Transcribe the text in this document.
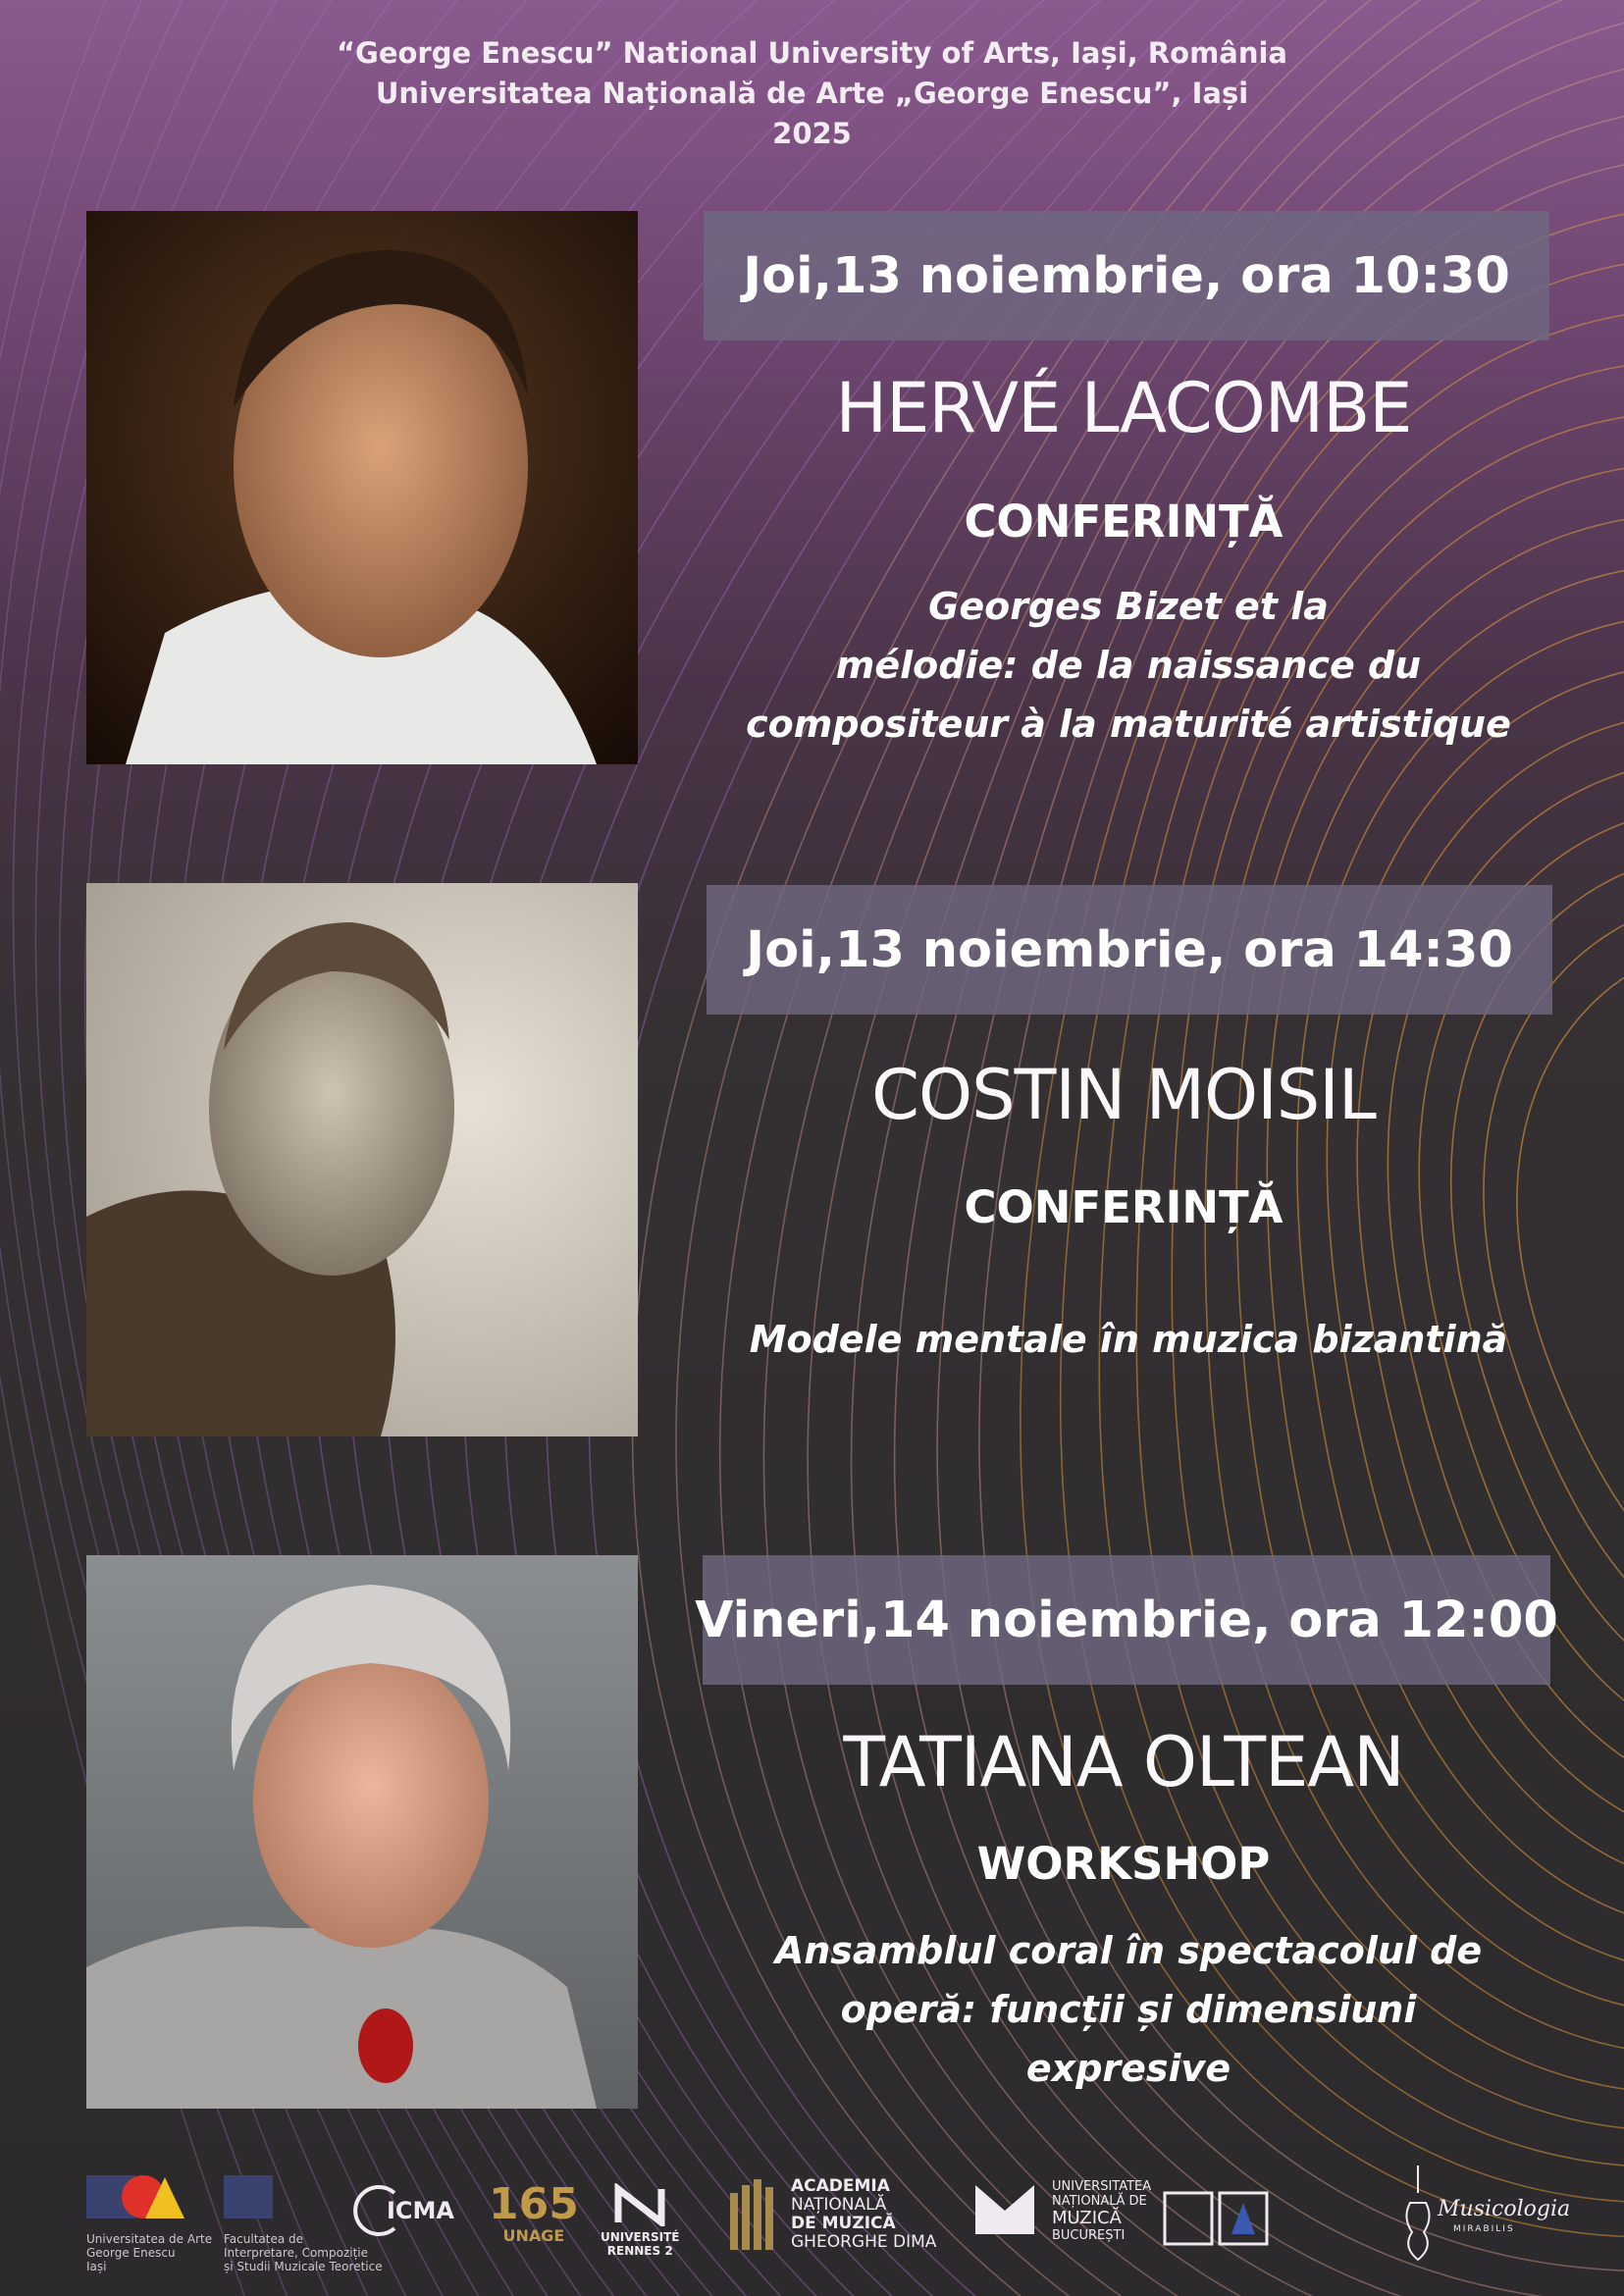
“George Enescu” National University of Arts, Iași, România
Universitatea Națională de Arte „George Enescu”, Iași
2025
Joi,13 noiembrie, ora 10:30
HERVÉ LACOMBE
CONFERINȚĂ
Georges Bizet et la
mélodie: de la naissance du
compositeur à la maturité artistique
Joi,13 noiembrie, ora 14:30
COSTIN MOISIL
CONFERINȚĂ
Modele mentale în muzica bizantină
Vineri,14 noiembrie, ora 12:00
TATIANA OLTEAN
WORKSHOP
Ansamblul coral în spectacolul de
operă: funcții și dimensiuni
expresive
Universitatea de Arte
George Enescu
Iași
Facultatea de
Interpretare, Compoziție
și Studii Muzicale Teoretice
ICMA 165
UNAGE	UNIVERSITÉ
RENNES 2
ACADEMIA
NAȚIONALĂ
DE MUZICĂ
GHEORGHE DIMA
UNIVERSITATEA
NAȚIONALĂ DE
MUZICĂ
BUCUREȘTI
Musicologia
MIRABILIS
